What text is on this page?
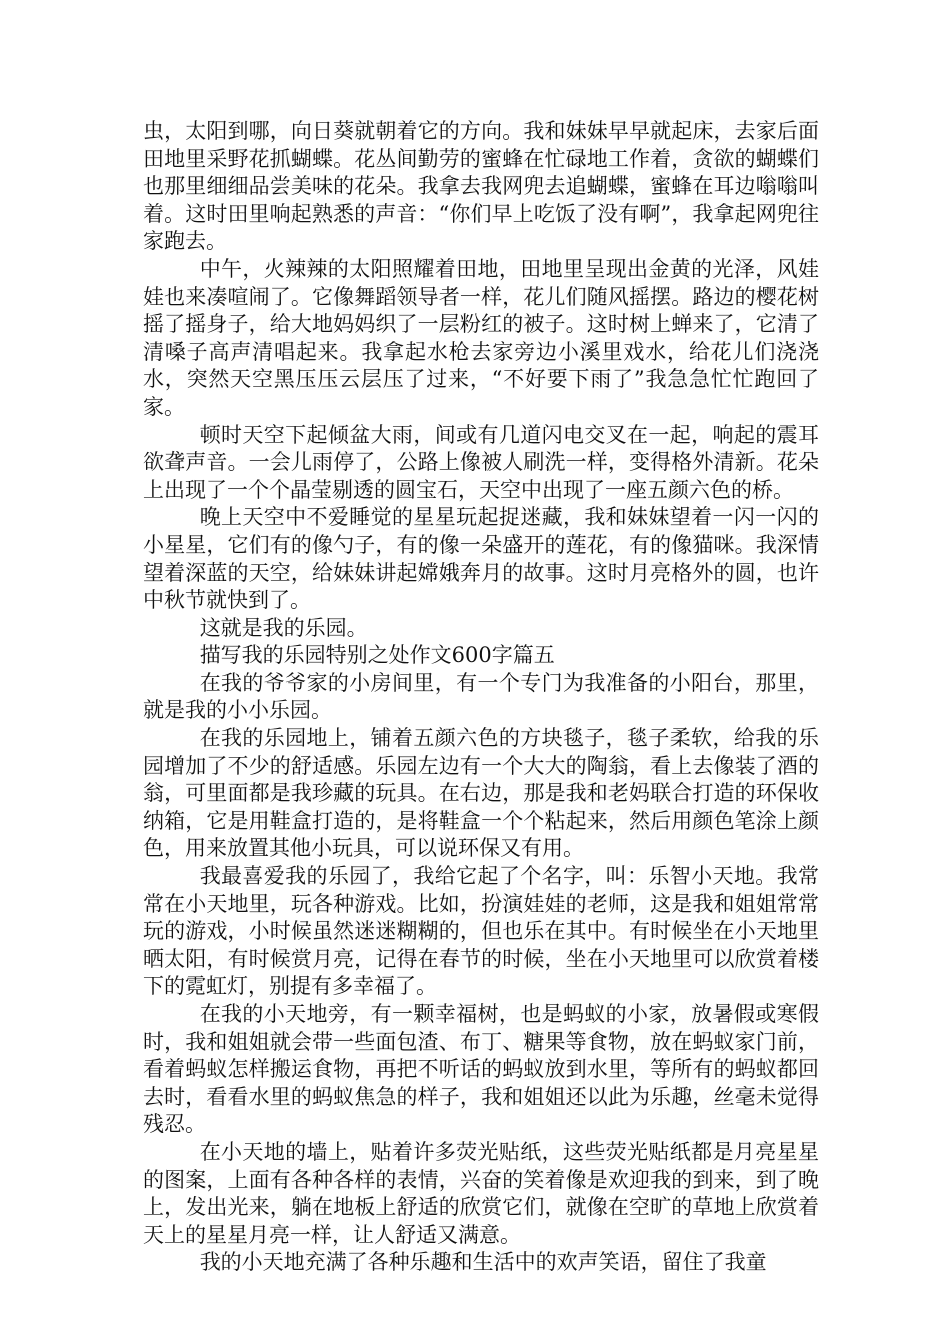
虫，太阳到哪，向日葵就朝着它的方向。我和妹妹早早就起床，去家后面田地里采野花抓蝴蝶。花丛间勤劳的蜜蜂在忙碌地工作着，贪欲的蝴蝶们也那里细细品尝美味的花朵。我拿去我网兜去追蝴蝶，蜜蜂在耳边嗡嗡叫着。这时田里响起熟悉的声音：“你们早上吃饭了没有啊”，我拿起网兜往家跑去。

中午，火辣辣的太阳照耀着田地，田地里呈现出金黄的光泽，风娃娃也来凑喧闹了。它像舞蹈领导者一样，花儿们随风摇摆。路边的樱花树摇了摇身子，给大地妈妈织了一层粉红的被子。这时树上蝉来了，它清了清嗓子高声清唱起来。我拿起水枪去家旁边小溪里戏水，给花儿们浇浇水，突然天空黑压压云层压了过来，“不好要下雨了”我急急忙忙跑回了家。

顿时天空下起倾盆大雨，间或有几道闪电交叉在一起，响起的震耳欲聋声音。一会儿雨停了，公路上像被人刷洗一样，变得格外清新。花朵上出现了一个个晶莹剔透的圆宝石，天空中出现了一座五颜六色的桥。

晚上天空中不爱睡觉的星星玩起捉迷藏，我和妹妹望着一闪一闪的小星星，它们有的像勺子，有的像一朵盛开的莲花，有的像猫咪。我深情望着深蓝的天空，给妹妹讲起嫦娥奔月的故事。这时月亮格外的圆，也许中秋节就快到了。

这就是我的乐园。

描写我的乐园特别之处作文600字篇五

在我的爷爷家的小房间里，有一个专门为我准备的小阳台，那里，就是我的小小乐园。

在我的乐园地上，铺着五颜六色的方块毯子，毯子柔软，给我的乐园增加了不少的舒适感。乐园左边有一个大大的陶翁，看上去像装了酒的翁，可里面都是我珍藏的玩具。在右边，那是我和老妈联合打造的环保收纳箱，它是用鞋盒打造的，是将鞋盒一个个粘起来，然后用颜色笔涂上颜色，用来放置其他小玩具，可以说环保又有用。

我最喜爱我的乐园了，我给它起了个名字，叫：乐智小天地。我常常在小天地里，玩各种游戏。比如，扮演娃娃的老师，这是我和姐姐常常玩的游戏，小时候虽然迷迷糊糊的，但也乐在其中。有时候坐在小天地里晒太阳，有时候赏月亮，记得在春节的时候，坐在小天地里可以欣赏着楼下的霓虹灯，别提有多幸福了。

在我的小天地旁，有一颗幸福树，也是蚂蚁的小家，放暑假或寒假时，我和姐姐就会带一些面包渣、布丁、糖果等食物，放在蚂蚁家门前，看着蚂蚁怎样搬运食物，再把不听话的蚂蚁放到水里，等所有的蚂蚁都回去时，看看水里的蚂蚁焦急的样子，我和姐姐还以此为乐趣，丝毫未觉得残忍。

在小天地的墙上，贴着许多荧光贴纸，这些荧光贴纸都是月亮星星的图案，上面有各种各样的表情，兴奋的笑着像是欢迎我的到来，到了晚上，发出光来，躺在地板上舒适的欣赏它们，就像在空旷的草地上欣赏着天上的星星月亮一样，让人舒适又满意。

我的小天地充满了各种乐趣和生活中的欢声笑语，留住了我童
